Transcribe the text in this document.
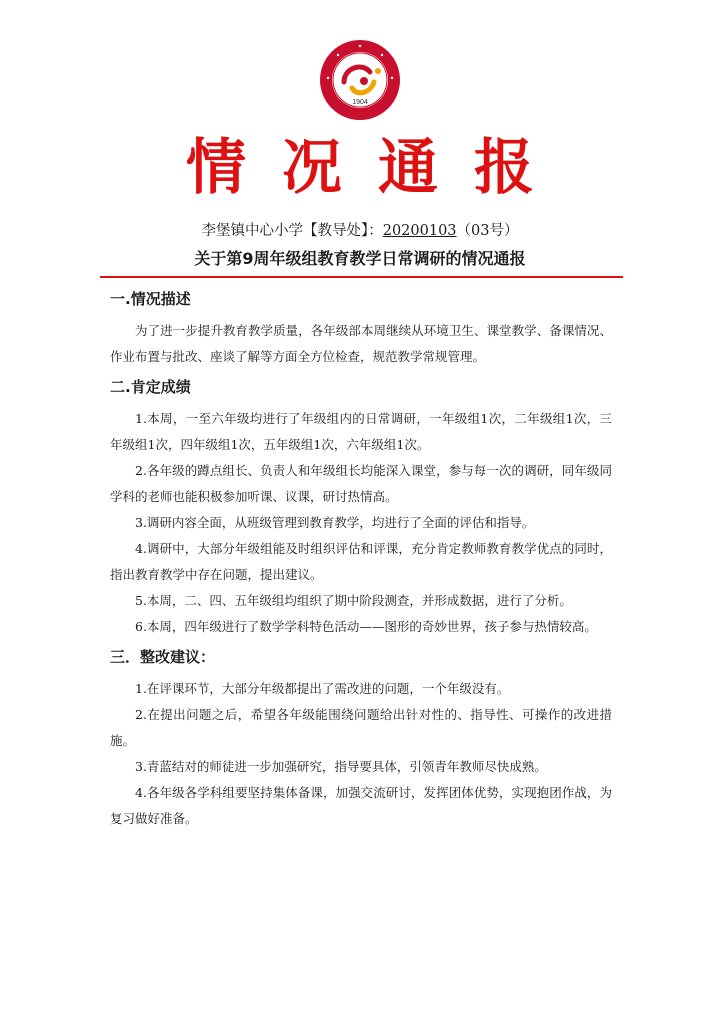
1904
情况通报
李堡镇中心小学【教导处】：20200103（03号）
关于第9周年级组教育教学日常调研的情况通报
一.情况描述

为了进一步提升教育教学质量，各年级部本周继续从环境卫生、课堂教学、备课情况、作业布置与批改、座谈了解等方面全方位检查，规范教学常规管理。

二.肯定成绩

1.本周，一至六年级均进行了年级组内的日常调研，一年级组1次，二年级组1次，三年级组1次，四年级组1次，五年级组1次，六年级组1次。

2.各年级的蹲点组长、负责人和年级组长均能深入课堂，参与每一次的调研，同年级同学科的老师也能积极参加听课、议课，研讨热情高。

3.调研内容全面，从班级管理到教育教学，均进行了全面的评估和指导。

4.调研中，大部分年级组能及时组织评估和评课，充分肯定教师教育教学优点的同时，指出教育教学中存在问题，提出建议。

5.本周，二、四、五年级组均组织了期中阶段测查，并形成数据，进行了分析。

6.本周，四年级进行了数学学科特色活动——图形的奇妙世界，孩子参与热情较高。

三．整改建议：

1.在评课环节，大部分年级都提出了需改进的问题，一个年级没有。

2.在提出问题之后，希望各年级能围绕问题给出针对性的、指导性、可操作的改进措施。

3.青蓝结对的师徒进一步加强研究，指导要具体，引领青年教师尽快成熟。

4.各年级各学科组要坚持集体备课，加强交流研讨，发挥团体优势，实现抱团作战，为复习做好准备。
